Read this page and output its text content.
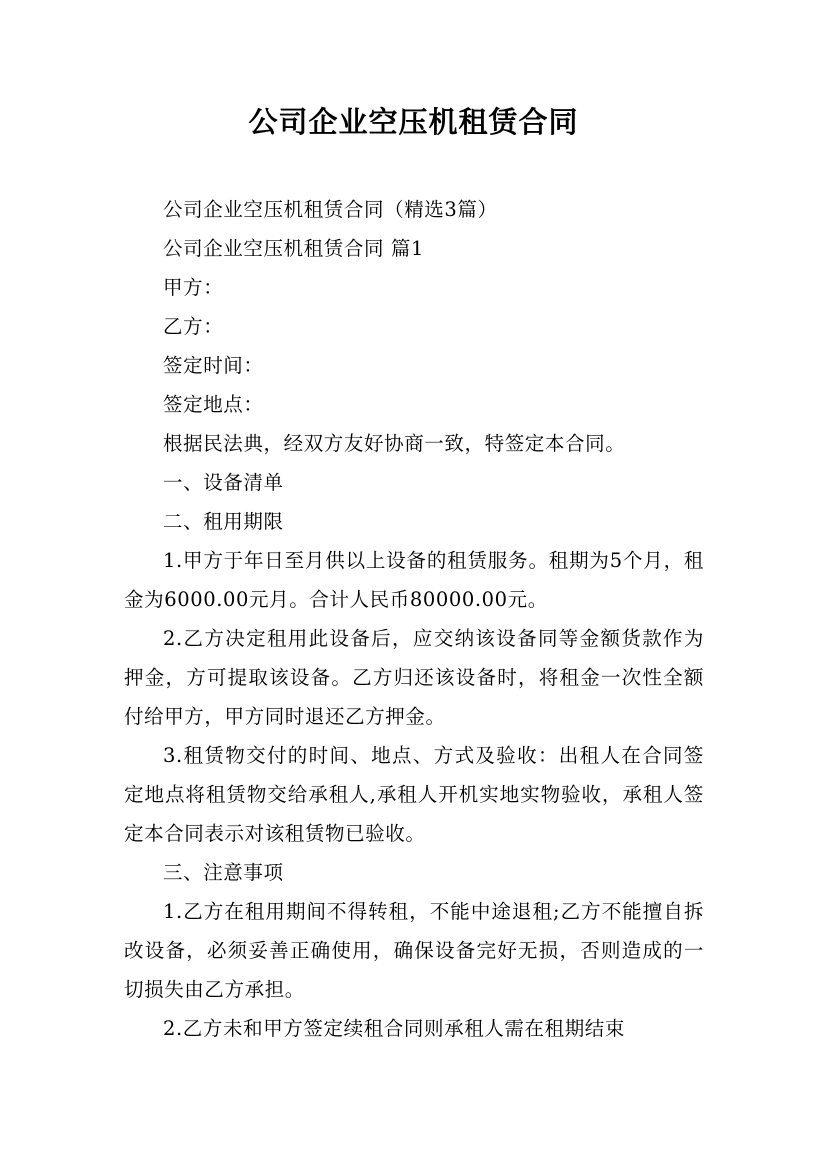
公司企业空压机租赁合同

公司企业空压机租赁合同（精选3篇）

公司企业空压机租赁合同 篇1

甲方：

乙方：

签定时间：

签定地点：

根据民法典，经双方友好协商一致，特签定本合同。

一、设备清单

二、租用期限

1.甲方于年日至月供以上设备的租赁服务。租期为5个月，租金为6000.00元月。合计人民币80000.00元。

2.乙方决定租用此设备后，应交纳该设备同等金额货款作为押金，方可提取该设备。乙方归还该设备时，将租金一次性全额付给甲方，甲方同时退还乙方押金。

3.租赁物交付的时间、地点、方式及验收：出租人在合同签定地点将租赁物交给承租人,承租人开机实地实物验收，承租人签定本合同表示对该租赁物已验收。

三、注意事项

1.乙方在租用期间不得转租，不能中途退租;乙方不能擅自拆改设备，必须妥善正确使用，确保设备完好无损，否则造成的一切损失由乙方承担。

2.乙方未和甲方签定续租合同则承租人需在租期结束
